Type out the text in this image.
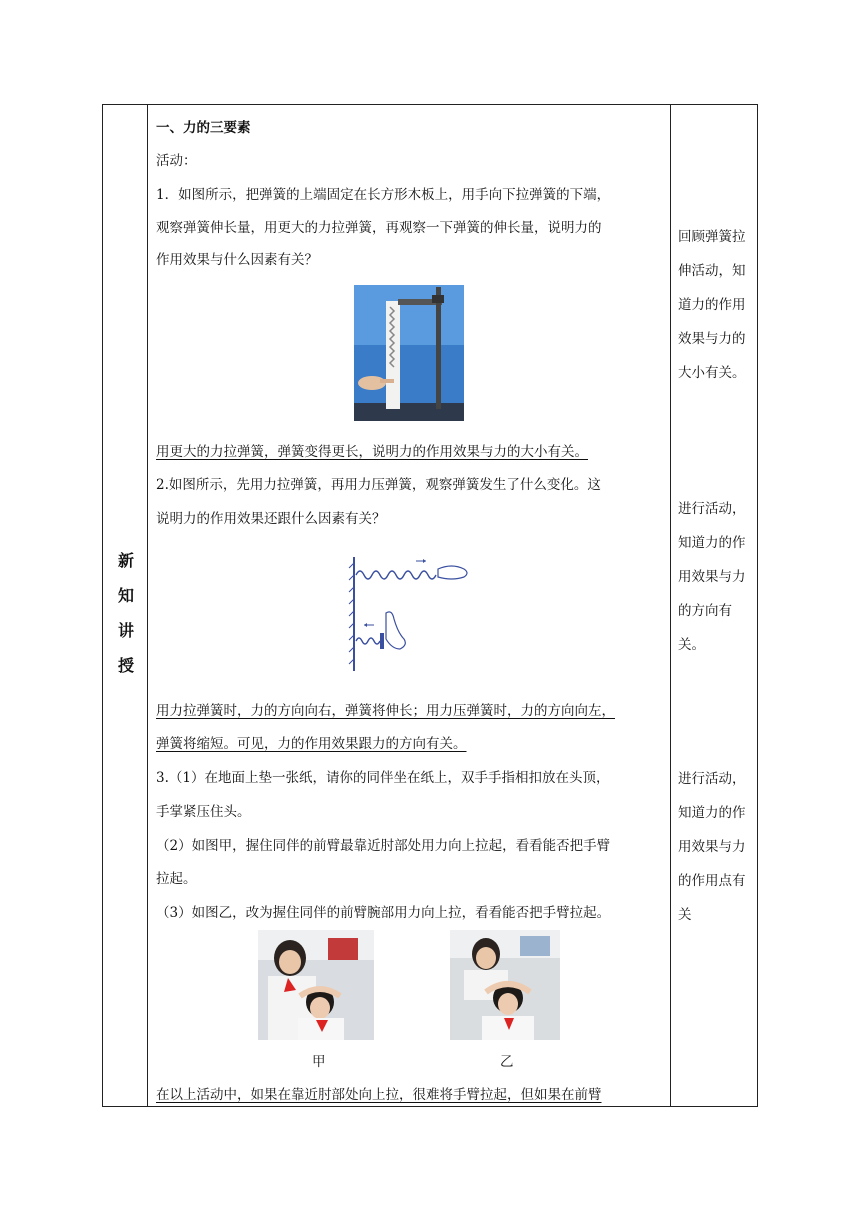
新
知
讲
授
一、力的三要素
活动：
1．如图所示，把弹簧的上端固定在长方形木板上，用手向下拉弹簧的下端，
观察弹簧伸长量，用更大的力拉弹簧，再观察一下弹簧的伸长量，说明力的
作用效果与什么因素有关？
用更大的力拉弹簧，弹簧变得更长，说明力的作用效果与力的大小有关。
2.如图所示，先用力拉弹簧，再用力压弹簧，观察弹簧发生了什么变化。这
说明力的作用效果还跟什么因素有关？
用力拉弹簧时，力的方向向右，弹簧将伸长；用力压弹簧时，力的方向向左，
弹簧将缩短。可见，力的作用效果跟力的方向有关。
3.（1）在地面上垫一张纸，请你的同伴坐在纸上，双手手指相扣放在头顶，
手掌紧压住头。
（2）如图甲，握住同伴的前臂最靠近肘部处用力向上拉起，看看能否把手臂
拉起。
（3）如图乙，改为握住同伴的前臂腕部用力向上拉，看看能否把手臂拉起。
甲	乙
在以上活动中，如果在靠近肘部处向上拉，很难将手臂拉起，但如果在前臂
回顾弹簧拉
伸活动，知
道力的作用
效果与力的
大小有关。
进行活动，
知道力的作
用效果与力
的方向有
关。
进行活动，
知道力的作
用效果与力
的作用点有
关
